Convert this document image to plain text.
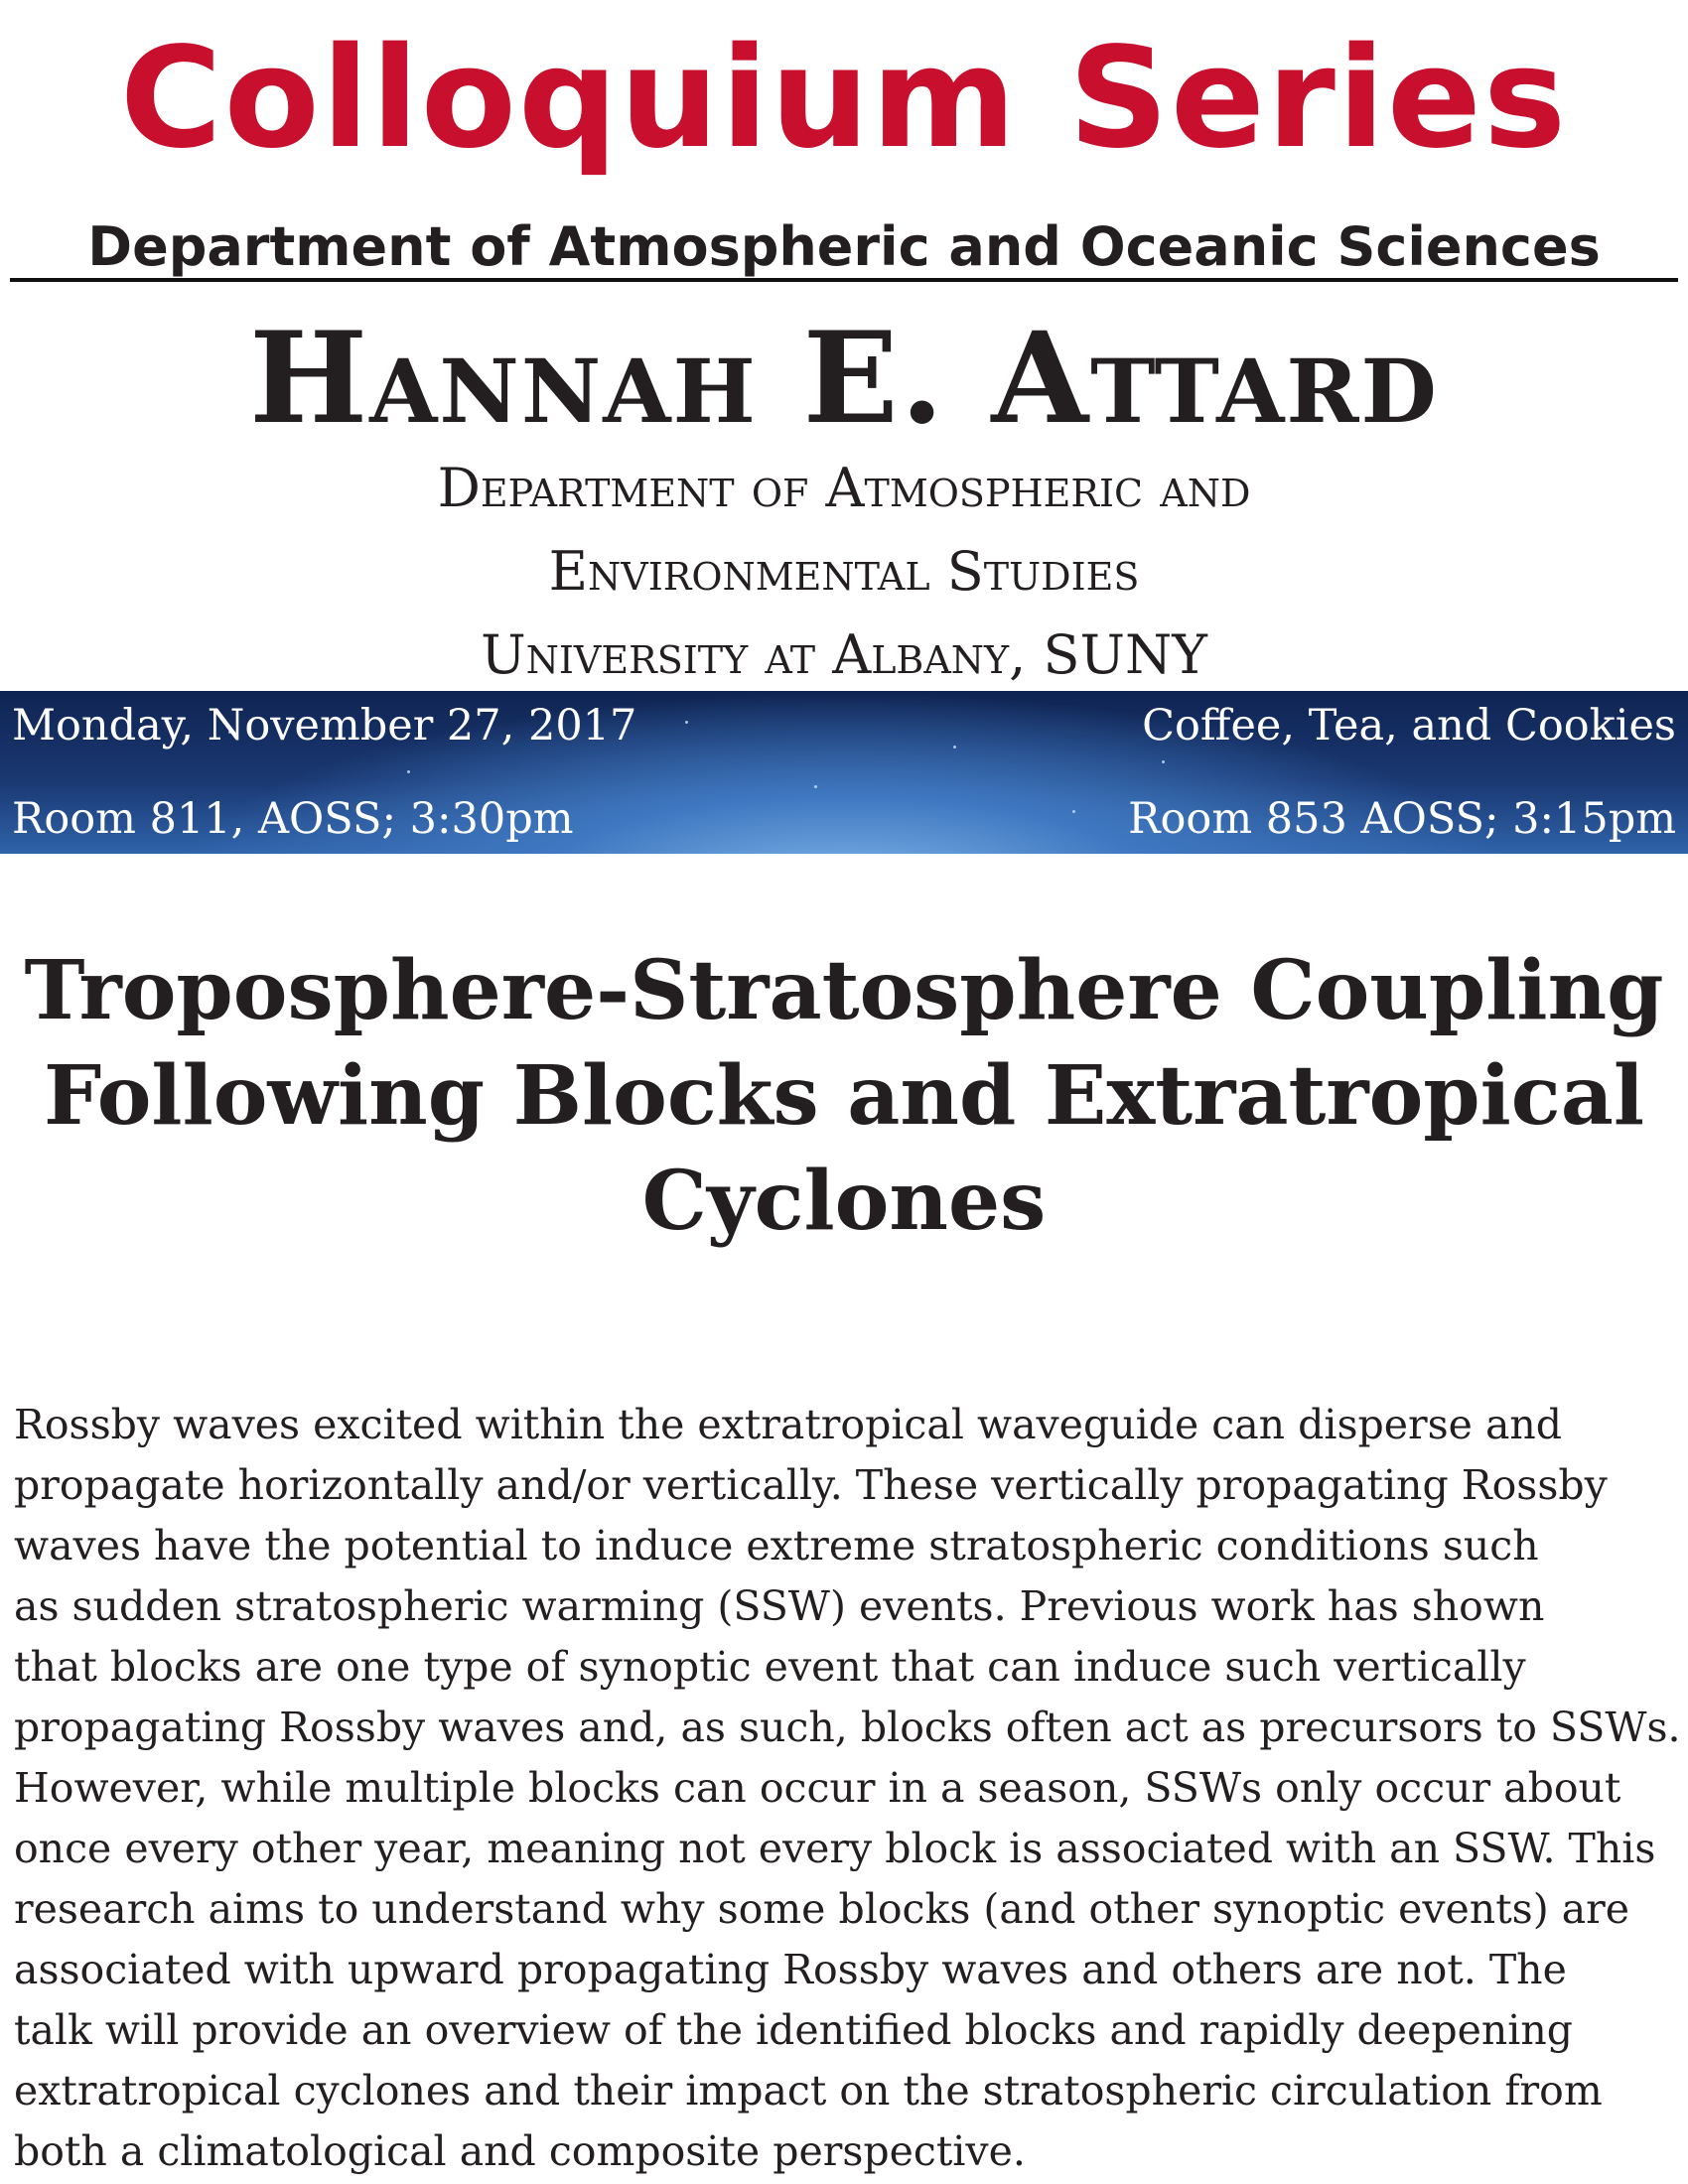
Colloquium Series
Department of Atmospheric and Oceanic Sciences
Hannah E. Attard
Department of Atmospheric and
Environmental Studies
University at Albany, SUNY
Monday, November 27, 2017
Room 811, AOSS; 3:30pm
Coffee, Tea, and Cookies
Room 853 AOSS; 3:15pm
Troposphere-Stratosphere Coupling
Following Blocks and Extratropical
Cyclones
Rossby waves excited within the extratropical waveguide can disperse and
propagate horizontally and/or vertically. These vertically propagating Rossby
waves have the potential to induce extreme stratospheric conditions such
as sudden stratospheric warming (SSW) events. Previous work has shown
that blocks are one type of synoptic event that can induce such vertically
propagating Rossby waves and, as such, blocks often act as precursors to SSWs.
However, while multiple blocks can occur in a season, SSWs only occur about
once every other year, meaning not every block is associated with an SSW. This
research aims to understand why some blocks (and other synoptic events) are
associated with upward propagating Rossby waves and others are not. The
talk will provide an overview of the identified blocks and rapidly deepening
extratropical cyclones and their impact on the stratospheric circulation from
both a climatological and composite perspective.
